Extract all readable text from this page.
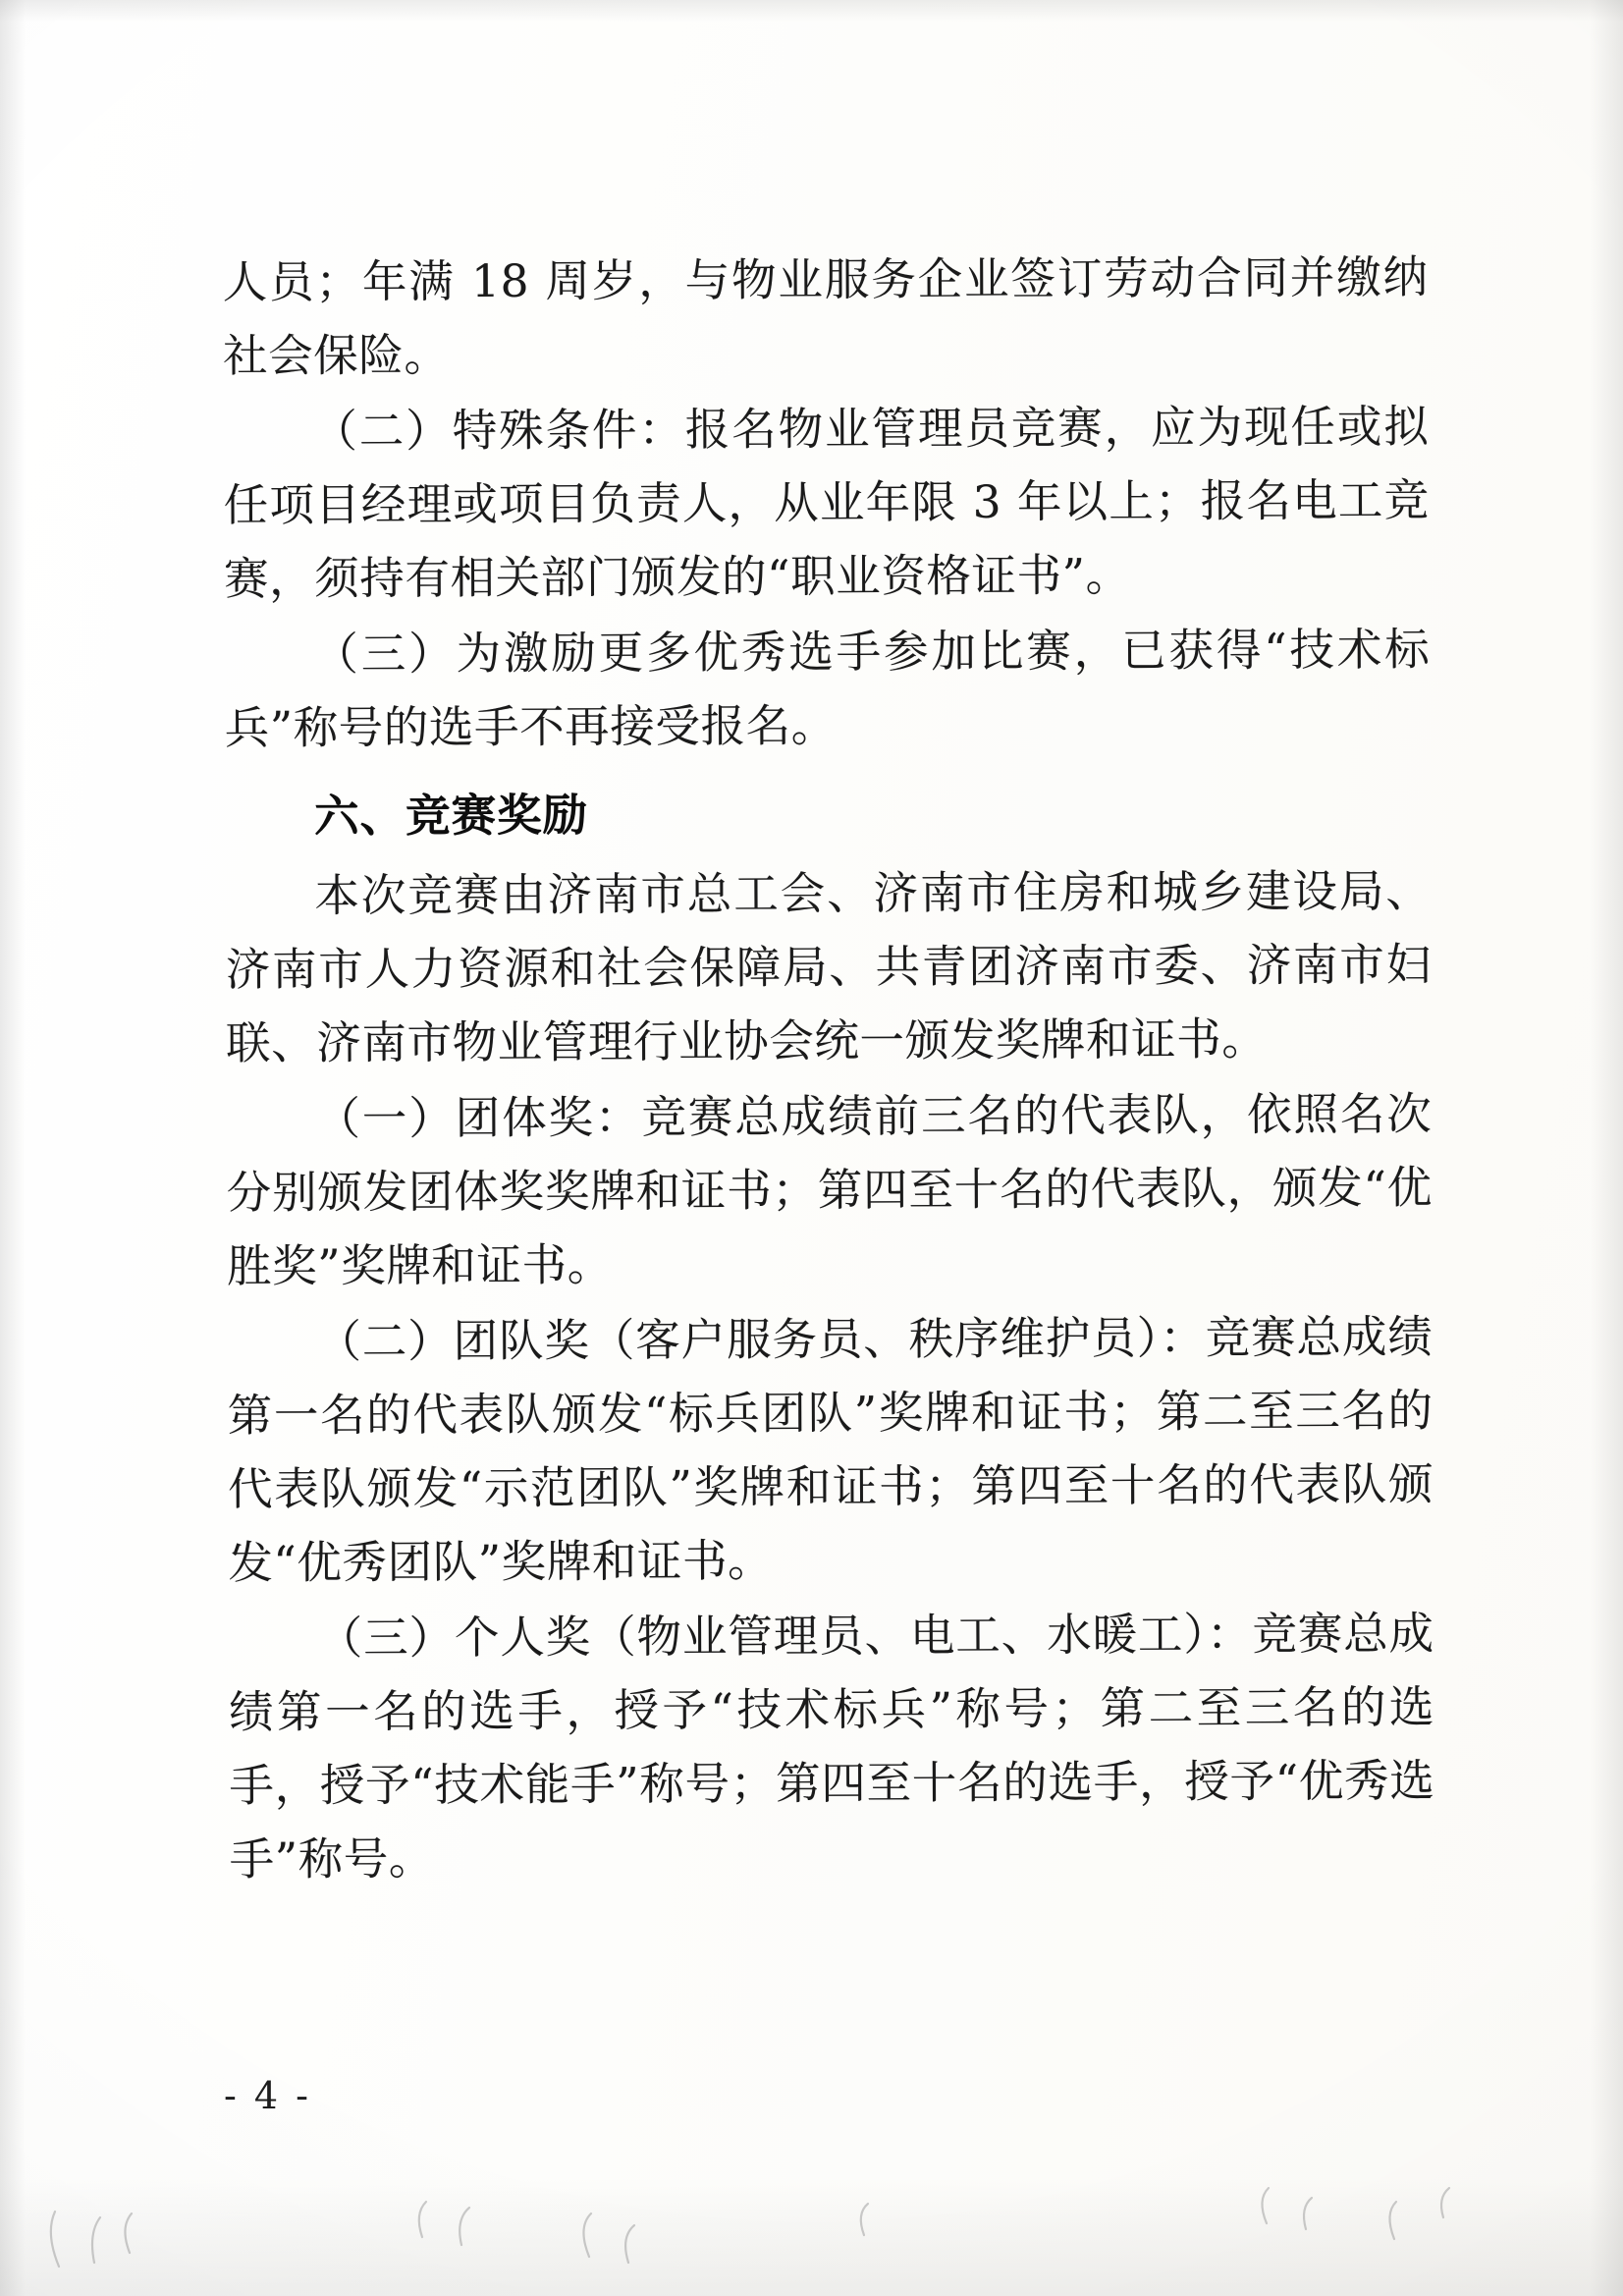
人员；年满 18 周岁，与物业服务企业签订劳动合同并缴纳社会保险。

（二）特殊条件：报名物业管理员竞赛，应为现任或拟任项目经理或项目负责人，从业年限 3 年以上；报名电工竞赛，须持有相关部门颁发的“职业资格证书”。

（三）为激励更多优秀选手参加比赛，已获得“技术标兵”称号的选手不再接受报名。

六、竞赛奖励

本次竞赛由济南市总工会、济南市住房和城乡建设局、济南市人力资源和社会保障局、共青团济南市委、济南市妇联、济南市物业管理行业协会统一颁发奖牌和证书。

（一）团体奖：竞赛总成绩前三名的代表队，依照名次分别颁发团体奖奖牌和证书；第四至十名的代表队，颁发“优胜奖”奖牌和证书。

（二）团队奖（客户服务员、秩序维护员）：竞赛总成绩第一名的代表队颁发“标兵团队”奖牌和证书；第二至三名的代表队颁发“示范团队”奖牌和证书；第四至十名的代表队颁发“优秀团队”奖牌和证书。

（三）个人奖（物业管理员、电工、水暖工）：竞赛总成绩第一名的选手，授予“技术标兵”称号；第二至三名的选手，授予“技术能手”称号；第四至十名的选手，授予“优秀选手”称号。

- 4 -
